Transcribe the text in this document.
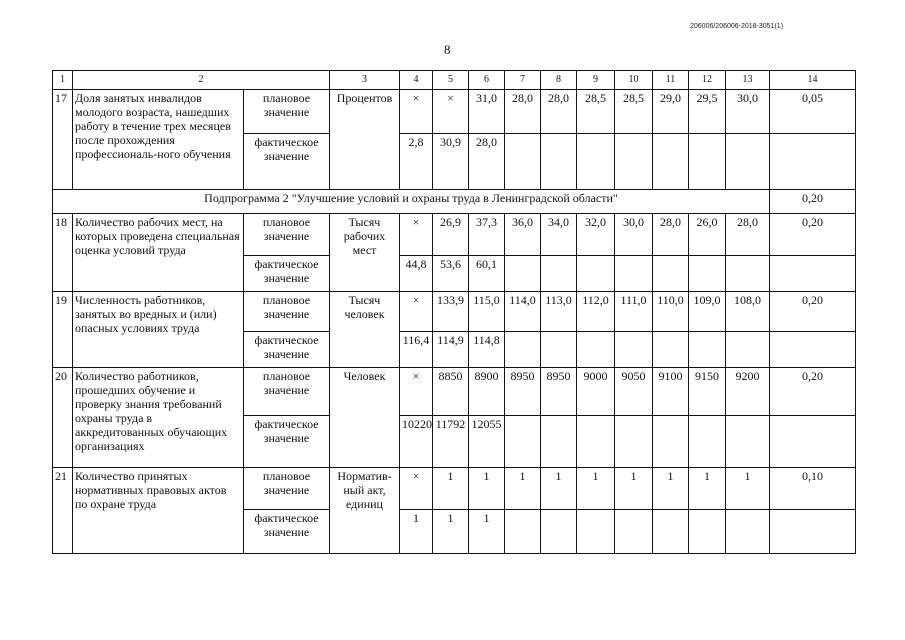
206006/206006-2018-3051(1)
8
1	2		3	4	5	6	7	8	9	10	11	12	13	14
17	Доля занятых инвалидов молодого возраста, нашедших работу в течение трех месяцев после прохождения профессиональ-ного обучения	плановое значение	Процентов	×	×	31,0	28,0	28,0	28,5	28,5	29,0	29,5	30,0	0,05
		фактическое значение		2,8	30,9	28,0								
Подпрограмма 2 "Улучшение условий и охраны труда в Ленинградской области"														0,20
18	Количество рабочих мест, на которых проведена специальная оценка условий труда	плановое значение	Тысяч рабочих мест	×	26,9	37,3	36,0	34,0	32,0	30,0	28,0	26,0	28,0	0,20
		фактическое значение		44,8	53,6	60,1								
19	Численность работников, занятых во вредных и (или) опасных условиях труда	плановое значение	Тысяч человек	×	133,9	115,0	114,0	113,0	112,0	111,0	110,0	109,0	108,0	0,20
		фактическое значение		116,4	114,9	114,8								
20	Количество работников, прошедших обучение и проверку знания требований охраны труда в аккредитованных обучающих организациях	плановое значение	Человек	×	8850	8900	8950	8950	9000	9050	9100	9150	9200	0,20
		фактическое значение		10220	11792	12055								
21	Количество принятых нормативных правовых актов по охране труда	плановое значение	Норматив-ный акт, единиц	×	1	1	1	1	1	1	1	1	1	0,10
		фактическое значение		1	1	1								
